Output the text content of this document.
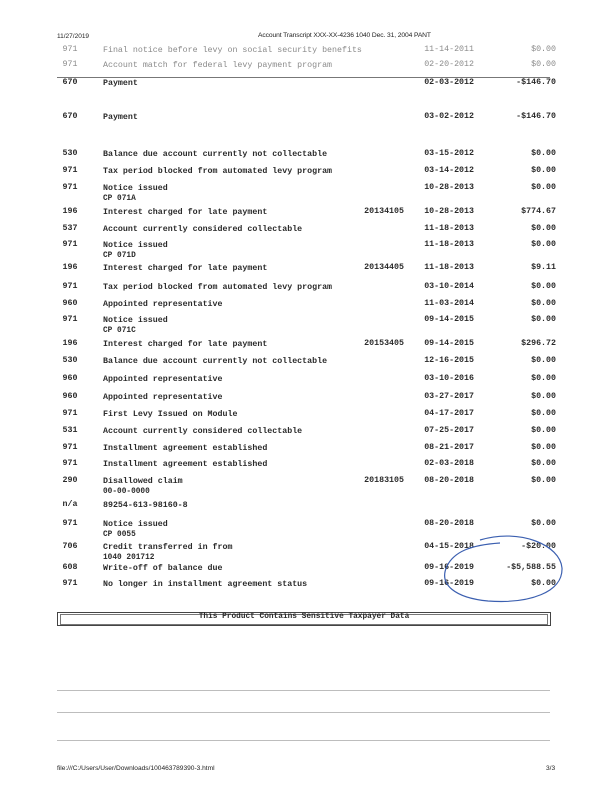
11/27/2019	Account Transcript XXX-XX-4236 1040 Dec. 31, 2004 PANT
971	11-14-2011	$0.00
Final notice before levy on social security benefits
971	02-20-2012	$0.00
Account match for federal levy payment program
670	02-03-2012	-$146.70
Payment
670	03-02-2012	-$146.70
Payment
530	03-15-2012	$0.00
Balance due account currently not collectable
971	03-14-2012	$0.00
Tax period blocked from automated levy program
971	10-28-2013	$0.00
Notice issued
CP 071A
196	20134105	10-28-2013	$774.67
Interest charged for late payment
537	11-18-2013	$0.00
Account currently considered collectable
971	11-18-2013	$0.00
Notice issued
CP 071D
196	20134405	11-18-2013	$9.11
Interest charged for late payment
971	03-10-2014	$0.00
Tax period blocked from automated levy program
960	11-03-2014	$0.00
Appointed representative
971	09-14-2015	$0.00
Notice issued
CP 071C
196	20153405	09-14-2015	$296.72
Interest charged for late payment
530	12-16-2015	$0.00
Balance due account currently not collectable
960	03-10-2016	$0.00
Appointed representative
960	03-27-2017	$0.00
Appointed representative
971	04-17-2017	$0.00
First Levy Issued on Module
531	07-25-2017	$0.00
Account currently considered collectable
971	08-21-2017	$0.00
Installment agreement established
971	02-03-2018	$0.00
Installment agreement established
290	20183105	08-20-2018	$0.00
Disallowed claim
00-00-0000
n/a	89254-613-98160-8
971	08-20-2018	$0.00
Notice issued
CP 0055
706	04-15-2018	-$20.00
Credit transferred in from
1040 201712
608	09-16-2019	-$5,588.55
Write-off of balance due
971	09-16-2019	$0.00
No longer in installment agreement status
This Product Contains Sensitive Taxpayer Data
file:///C:/Users/User/Downloads/100463789390-3.html	3/3
